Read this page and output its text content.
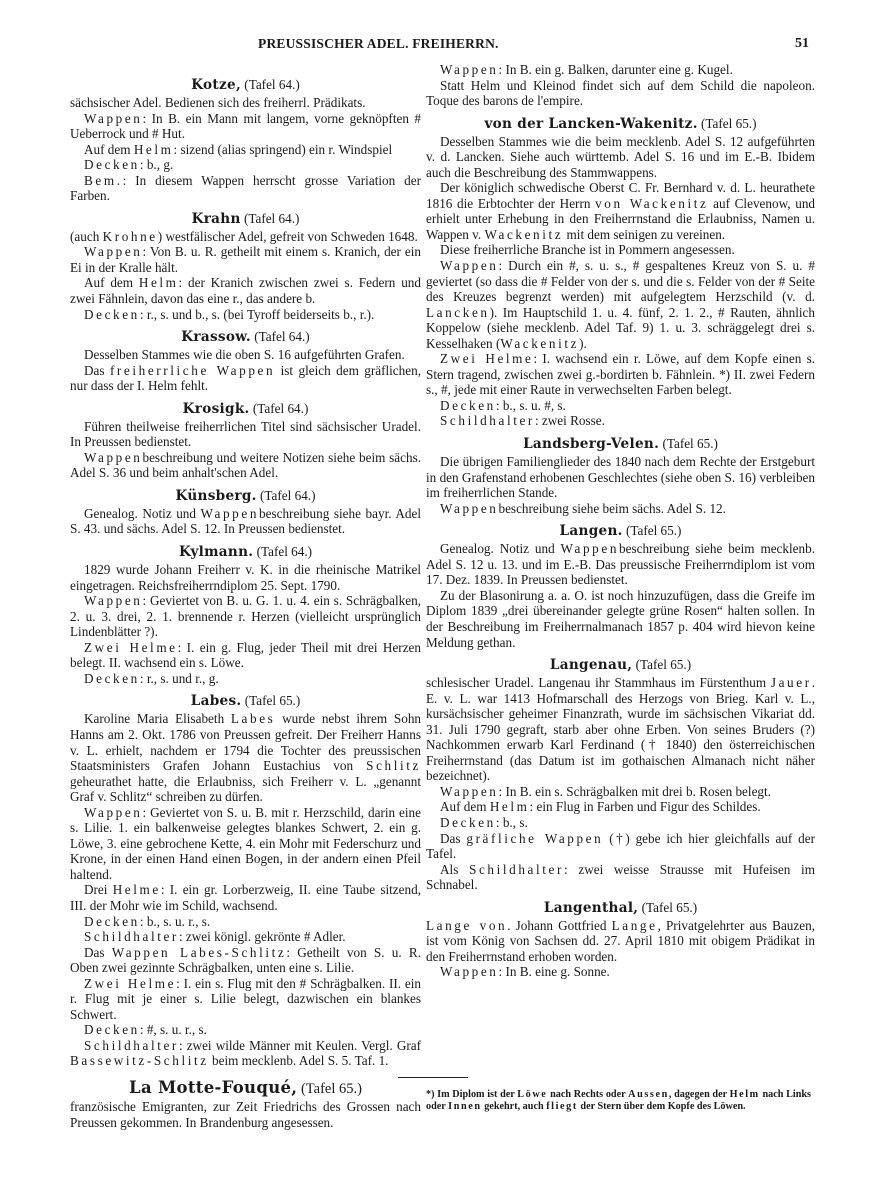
PREUSSISCHER ADEL. FREIHERRN.	51
Kotze, (Tafel 64.)

sächsischer Adel. Bedienen sich des freiherrl. Prädikats.

Wappen: In B. ein Mann mit langem, vorne geknöpften # Ueberrock und # Hut.

Auf dem Helm: sizend (alias springend) ein r. Windspiel

Decken: b., g.

Bem.: In diesem Wappen herrscht grosse Variation der Farben.

Krahn (Tafel 64.)

(auch Krohne) westfälischer Adel, gefreit von Schweden 1648.

Wappen: Von B. u. R. getheilt mit einem s. Kranich, der ein Ei in der Kralle hält.

Auf dem Helm: der Kranich zwischen zwei s. Federn und zwei Fähnlein, davon das eine r., das andere b.

Decken: r., s. und b., s. (bei Tyroff beiderseits b., r.).

Krassow. (Tafel 64.)

Desselben Stammes wie die oben S. 16 aufgeführten Grafen.

Das freiherrliche Wappen ist gleich dem gräflichen, nur dass der I. Helm fehlt.

Krosigk. (Tafel 64.)

Führen theilweise freiherrlichen Titel sind sächsischer Uradel. In Preussen bedienstet.

Wappenbeschreibung und weitere Notizen siehe beim sächs. Adel S. 36 und beim anhalt'schen Adel.

Künsberg. (Tafel 64.)

Genealog. Notiz und Wappenbeschreibung siehe bayr. Adel S. 43. und sächs. Adel S. 12. In Preussen bedienstet.

Kylmann. (Tafel 64.)

1829 wurde Johann Freiherr v. K. in die rheinische Matrikel eingetragen. Reichsfreiherrndiplom 25. Sept. 1790.

Wappen: Geviertet von B. u. G. 1. u. 4. ein s. Schrägbalken, 2. u. 3. drei, 2. 1. brennende r. Herzen (vielleicht ursprünglich Lindenblätter ?).

Zwei Helme: I. ein g. Flug, jeder Theil mit drei Herzen belegt. II. wachsend ein s. Löwe.

Decken: r., s. und r., g.

Labes. (Tafel 65.)

Karoline Maria Elisabeth Labes wurde nebst ihrem Sohn Hanns am 2. Okt. 1786 von Preussen gefreit. Der Freiherr Hanns v. L. erhielt, nachdem er 1794 die Tochter des preussischen Staatsministers Grafen Johann Eustachius von Schlitz geheurathet hatte, die Erlaubniss, sich Freiherr v. L. „genannt Graf v. Schlitz“ schreiben zu dürfen.

Wappen: Geviertet von S. u. B. mit r. Herzschild, darin eine s. Lilie. 1. ein balkenweise gelegtes blankes Schwert, 2. ein g. Löwe, 3. eine gebrochene Kette, 4. ein Mohr mit Federschurz und Krone, in der einen Hand einen Bogen, in der andern einen Pfeil haltend.

Drei Helme: I. ein gr. Lorberzweig, II. eine Taube sitzend, III. der Mohr wie im Schild, wachsend.

Decken: b., s. u. r., s.

Schildhalter: zwei königl. gekrönte # Adler.

Das Wappen Labes-Schlitz: Getheilt von S. u. R. Oben zwei gezinnte Schrägbalken, unten eine s. Lilie.

Zwei Helme: I. ein s. Flug mit den # Schrägbalken. II. ein r. Flug mit je einer s. Lilie belegt, dazwischen ein blankes Schwert.

Decken: #, s. u. r., s.

Schildhalter: zwei wilde Männer mit Keulen. Vergl. Graf Bassewitz-Schlitz beim mecklenb. Adel S. 5. Taf. 1.

La Motte-Fouqué, (Tafel 65.)

französische Emigranten, zur Zeit Friedrichs des Grossen nach Preussen gekommen. In Brandenburg angesessen.

Wappen: In B. ein g. Balken, darunter eine g. Kugel.

Statt Helm und Kleinod findet sich auf dem Schild die napoleon. Toque des barons de l'empire.

von der Lancken-Wakenitz. (Tafel 65.)

Desselben Stammes wie die beim mecklenb. Adel S. 12 aufgeführten v. d. Lancken. Siehe auch württemb. Adel S. 16 und im E.-B. Ibidem auch die Beschreibung des Stammwappens.

Der königlich schwedische Oberst C. Fr. Bernhard v. d. L. heurathete 1816 die Erbtochter der Herrn von Wackenitz auf Clevenow, und erhielt unter Erhebung in den Freiherrnstand die Erlaubniss, Namen u. Wappen v. Wackenitz mit dem seinigen zu vereinen.

Diese freiherrliche Branche ist in Pommern angesessen.

Wappen: Durch ein #, s. u. s., # gespaltenes Kreuz von S. u. # geviertet (so dass die # Felder von der s. und die s. Felder von der # Seite des Kreuzes begrenzt werden) mit aufgelegtem Herzschild (v. d. Lancken). Im Hauptschild 1. u. 4. fünf, 2. 1. 2., # Rauten, ähnlich Koppelow (siehe mecklenb. Adel Taf. 9) 1. u. 3. schräggelegt drei s. Kesselhaken (Wackenitz).

Zwei Helme: I. wachsend ein r. Löwe, auf dem Kopfe einen s. Stern tragend, zwischen zwei g.-bordirten b. Fähnlein. *) II. zwei Federn s., #, jede mit einer Raute in verwechselten Farben belegt.

Decken: b., s. u. #, s.

Schildhalter: zwei Rosse.

Landsberg-Velen. (Tafel 65.)

Die übrigen Familienglieder des 1840 nach dem Rechte der Erstgeburt in den Grafenstand erhobenen Geschlechtes (siehe oben S. 16) verbleiben im freiherrlichen Stande.

Wappenbeschreibung siehe beim sächs. Adel S. 12.

Langen. (Tafel 65.)

Genealog. Notiz und Wappenbeschreibung siehe beim mecklenb. Adel S. 12 u. 13. und im E.-B. Das preussische Freiherrndiplom ist vom 17. Dez. 1839. In Preussen bedienstet.

Zu der Blasonirung a. a. O. ist noch hinzuzufügen, dass die Greife im Diplom 1839 „drei übereinander gelegte grüne Rosen“ halten sollen. In der Beschreibung im Freiherrnalmanach 1857 p. 404 wird hievon keine Meldung gethan.

Langenau, (Tafel 65.)

schlesischer Uradel. Langenau ihr Stammhaus im Fürstenthum Jauer. E. v. L. war 1413 Hofmarschall des Herzogs von Brieg. Karl v. L., kursächsischer geheimer Finanzrath, wurde im sächsischen Vikariat dd. 31. Juli 1790 gegraft, starb aber ohne Erben. Von seines Bruders (?) Nachkommen erwarb Karl Ferdinand († 1840) den österreichischen Freiherrnstand (das Datum ist im gothaischen Almanach nicht näher bezeichnet).

Wappen: In B. ein s. Schrägbalken mit drei b. Rosen belegt.

Auf dem Helm: ein Flug in Farben und Figur des Schildes.

Decken: b., s.

Das gräfliche Wappen (†) gebe ich hier gleichfalls auf der Tafel.

Als Schildhalter: zwei weisse Strausse mit Hufeisen im Schnabel.

Langenthal, (Tafel 65.)

Lange von. Johann Gottfried Lange, Privatgelehrter aus Bauzen, ist vom König von Sachsen dd. 27. April 1810 mit obigem Prädikat in den Freiherrnstand erhoben worden.

Wappen: In B. eine g. Sonne.

*) Im Diplom ist der Löwe nach Rechts oder Aussen, dagegen der Helm nach Links oder Innen gekehrt, auch fliegt der Stern über dem Kopfe des Löwen.
